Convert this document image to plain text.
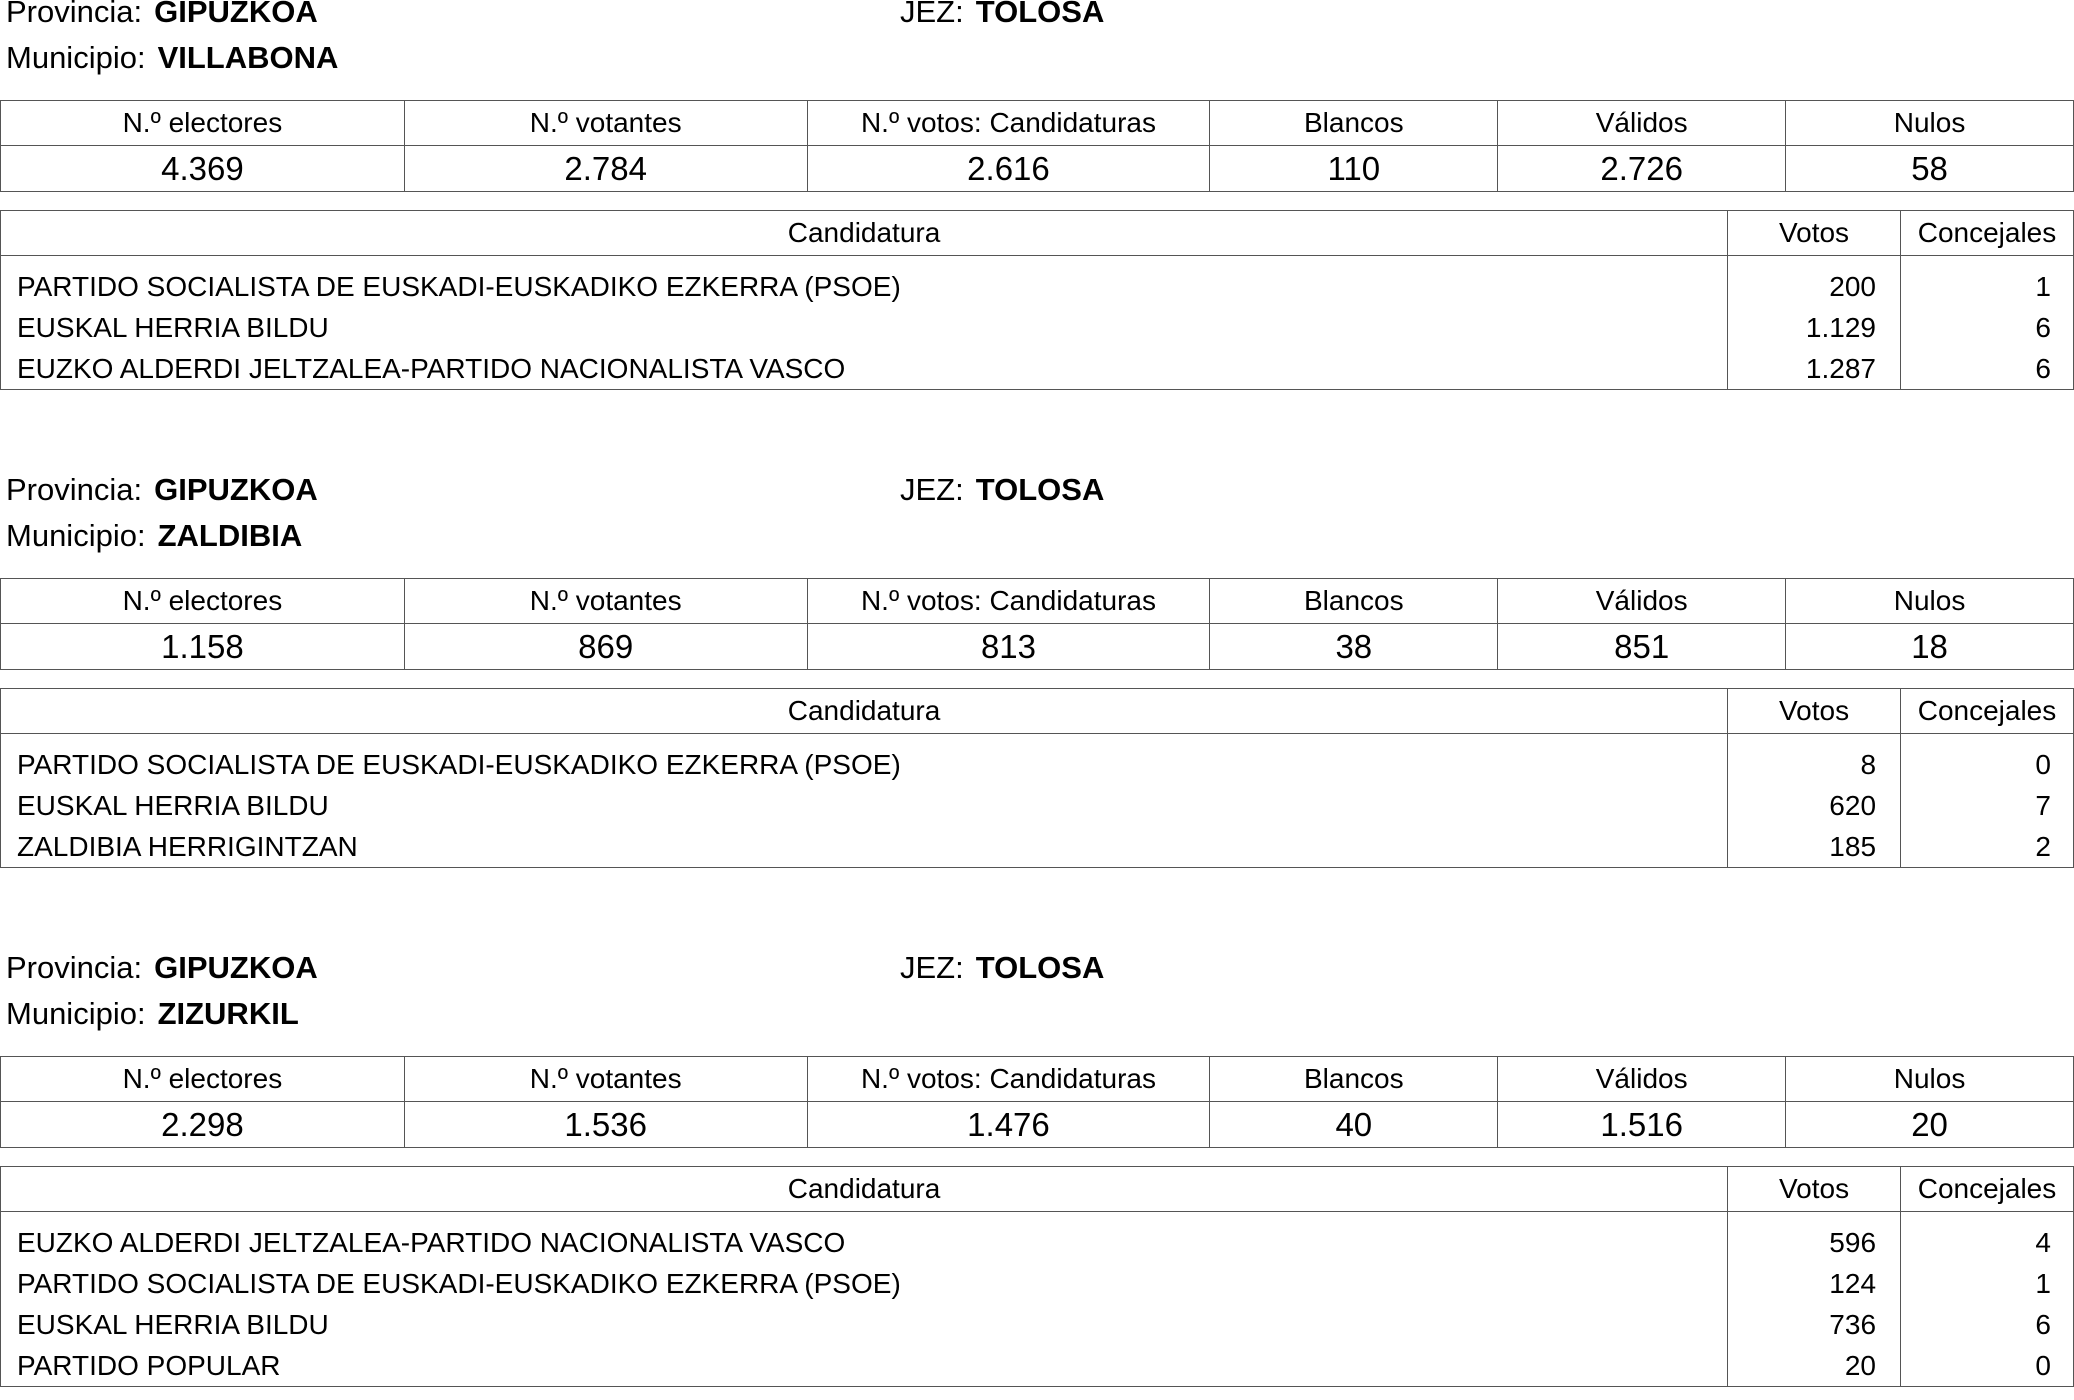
Provincia: GIPUZKOA	JEZ: TOLOSA
Municipio: VILLABONA
N.º electores	N.º votantes	N.º votos: Candidaturas	Blancos	Válidos	Nulos
4.369	2.784	2.616	110	2.726	58
Candidatura	Votos	Concejales

PARTIDO SOCIALISTA DE EUSKADI-EUSKADIKO EZKERRA (PSOE)	200	1
EUSKAL HERRIA BILDU	1.129	6
EUZKO ALDERDI JELTZALEA-PARTIDO NACIONALISTA VASCO	1.287	6
Provincia: GIPUZKOA	JEZ: TOLOSA
Municipio: ZALDIBIA
N.º electores	N.º votantes	N.º votos: Candidaturas	Blancos	Válidos	Nulos
1.158	869	813	38	851	18
Candidatura	Votos	Concejales

PARTIDO SOCIALISTA DE EUSKADI-EUSKADIKO EZKERRA (PSOE)	8	0
EUSKAL HERRIA BILDU	620	7
ZALDIBIA HERRIGINTZAN	185	2
Provincia: GIPUZKOA	JEZ: TOLOSA
Municipio: ZIZURKIL
N.º electores	N.º votantes	N.º votos: Candidaturas	Blancos	Válidos	Nulos
2.298	1.536	1.476	40	1.516	20
Candidatura	Votos	Concejales

EUZKO ALDERDI JELTZALEA-PARTIDO NACIONALISTA VASCO	596	4
PARTIDO SOCIALISTA DE EUSKADI-EUSKADIKO EZKERRA (PSOE)	124	1
EUSKAL HERRIA BILDU	736	6
PARTIDO POPULAR	20	0
